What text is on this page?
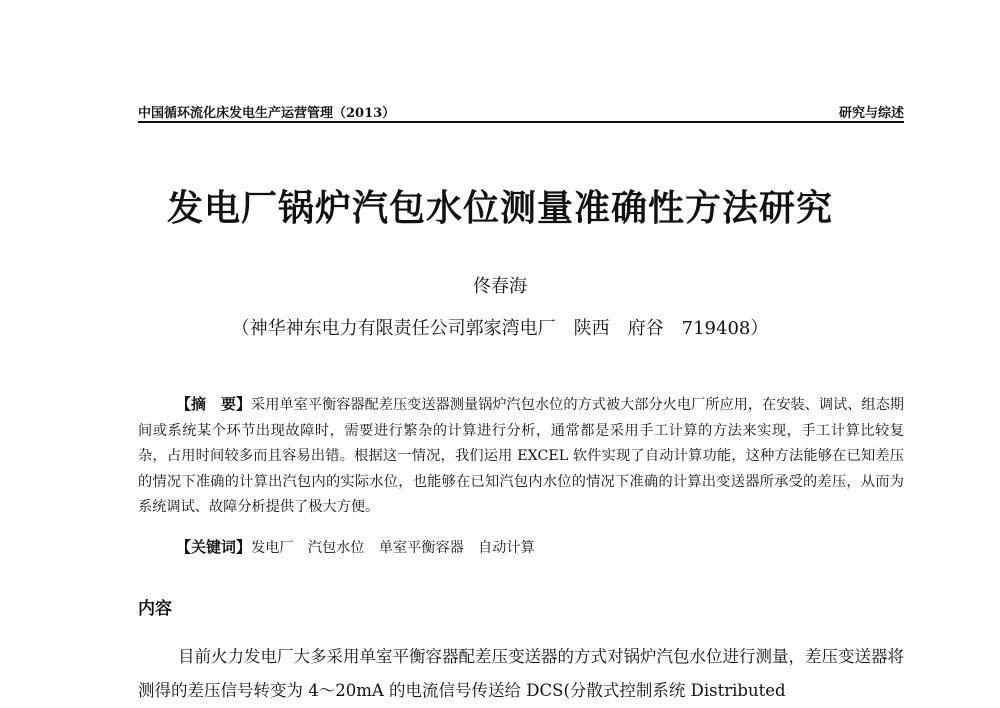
中国循环流化床发电生产运营管理（2013）	研究与综述
发电厂锅炉汽包水位测量准确性方法研究
佟春海
（神华神东电力有限责任公司郭家湾电厂　陕西　府谷　719408）
【摘　要】采用单室平衡容器配差压变送器测量锅炉汽包水位的方式被大部分火电厂所应用，在安装、调试、组态期间或系统某个环节出现故障时，需要进行繁杂的计算进行分析，通常都是采用手工计算的方法来实现，手工计算比较复杂，占用时间较多而且容易出错。根据这一情况，我们运用 EXCEL 软件实现了自动计算功能，这种方法能够在已知差压的情况下准确的计算出汽包内的实际水位，也能够在已知汽包内水位的情况下准确的计算出变送器所承受的差压，从而为系统调试、故障分析提供了极大方便。
【关键词】发电厂　汽包水位　单室平衡容器　自动计算
内容
目前火力发电厂大多采用单室平衡容器配差压变送器的方式对锅炉汽包水位进行测量，差压变送器将测得的差压信号转变为 4～20mA 的电流信号传送给 DCS(分散式控制系统 Distributed
